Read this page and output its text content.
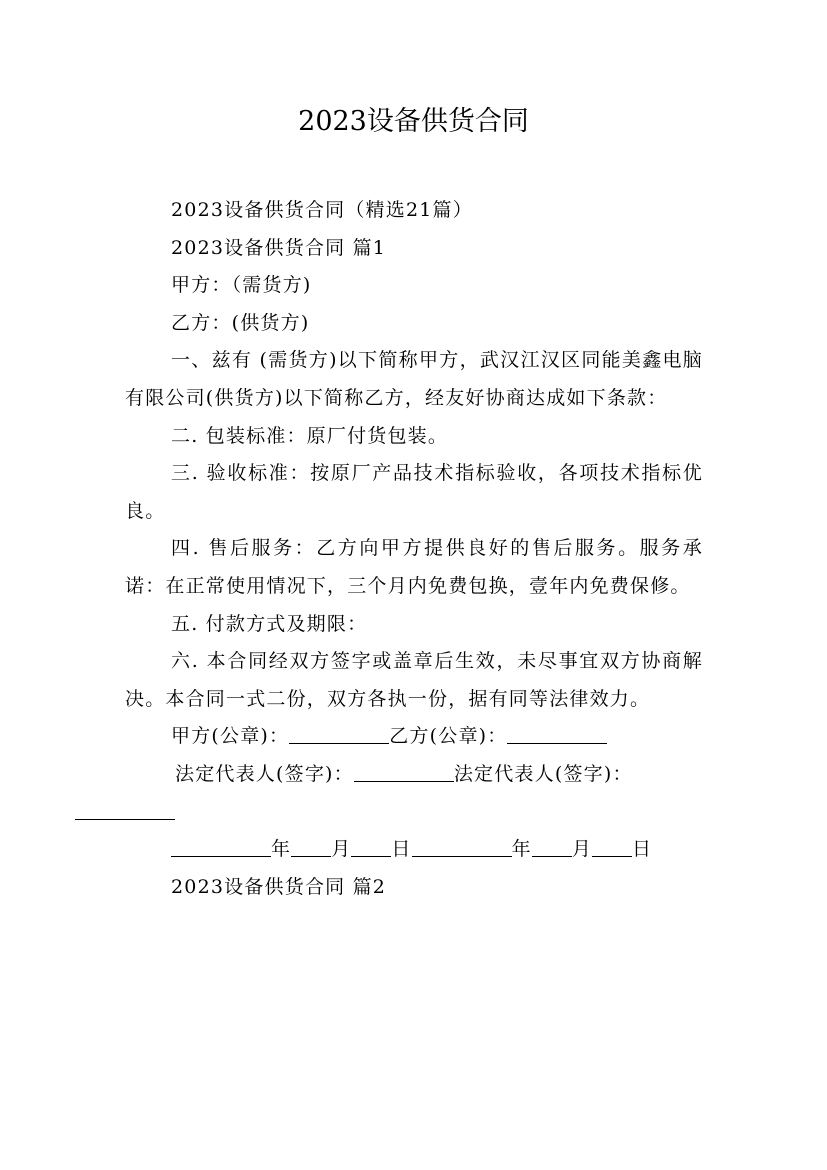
2023设备供货合同

2023设备供货合同（精选21篇）

2023设备供货合同 篇1

甲方：（需货方)

乙方：(供货方)

一、兹有 (需货方)以下简称甲方，武汉江汉区同能美鑫电脑有限公司(供货方)以下简称乙方，经友好协商达成如下条款：

二. 包装标准：原厂付货包装。

三. 验收标准：按原厂产品技术指标验收，各项技术指标优良。

四. 售后服务：乙方向甲方提供良好的售后服务。服务承诺：在正常使用情况下，三个月内免费包换，壹年内免费保修。

五. 付款方式及期限：

六. 本合同经双方签字或盖章后生效，未尽事宜双方协商解决。本合同一式二份，双方各执一份，据有同等法律效力。

甲方(公章)：	乙方(公章)：
法定代表人(签字)：	法定代表人(签字)：

年 月 日	年 月 日

2023设备供货合同 篇2
